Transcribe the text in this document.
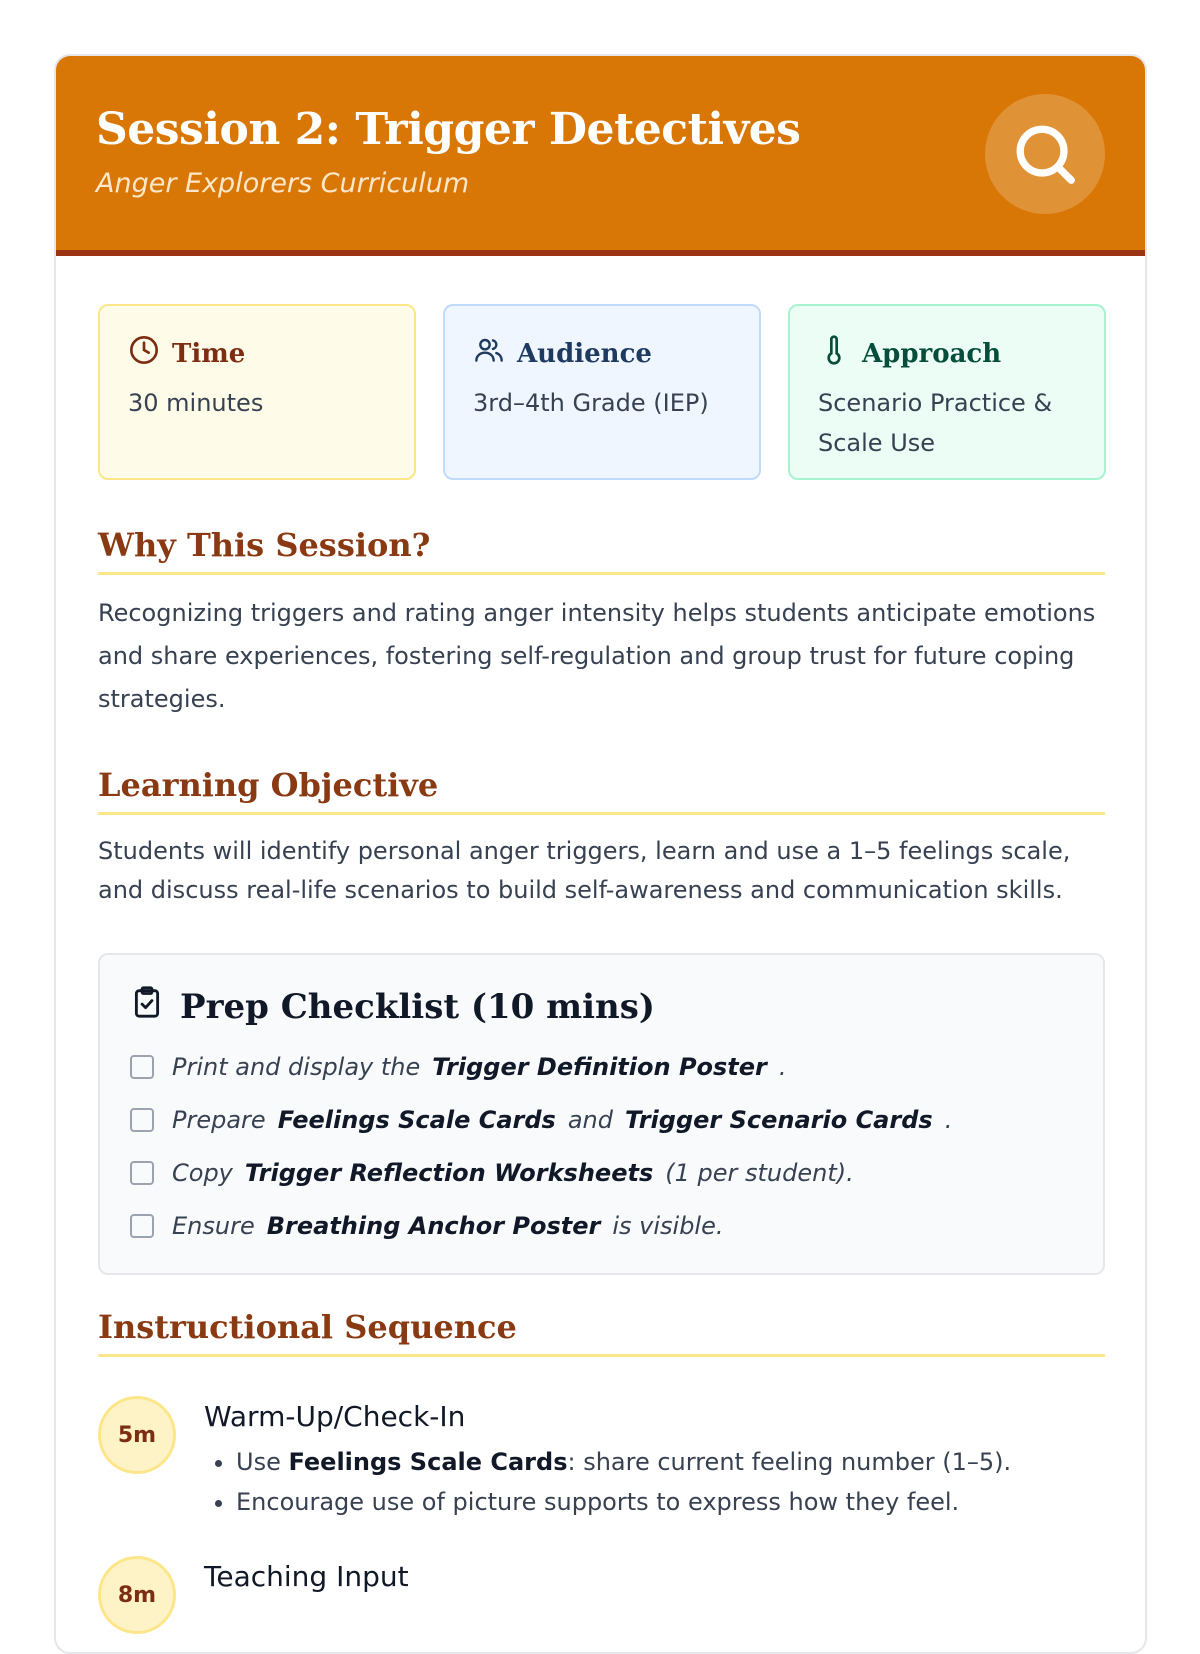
Session 2: Trigger Detectives
Anger Explorers Curriculum
Time
30 minutes
Audience
3rd–4th Grade (IEP)
Approach
Scenario Practice & Scale Use
Why This Session?

Recognizing triggers and rating anger intensity helps students anticipate emotions and share experiences, fostering self-regulation and group trust for future coping strategies.

Learning Objective

Students will identify personal anger triggers, learn and use a 1–5 feelings scale, and discuss real-life scenarios to build self-awareness and communication skills.

Prep Checklist (10 mins)
Print and display the Trigger Definition Poster .
Prepare Feelings Scale Cards and Trigger Scenario Cards .
Copy Trigger Reflection Worksheets (1 per student).
Ensure Breathing Anchor Poster is visible.
Instructional Sequence
5m
Warm-Up/Check-In
• Use Feelings Scale Cards: share current feeling number (1–5).
• Encourage use of picture supports to express how they feel.
8m
Teaching Input
